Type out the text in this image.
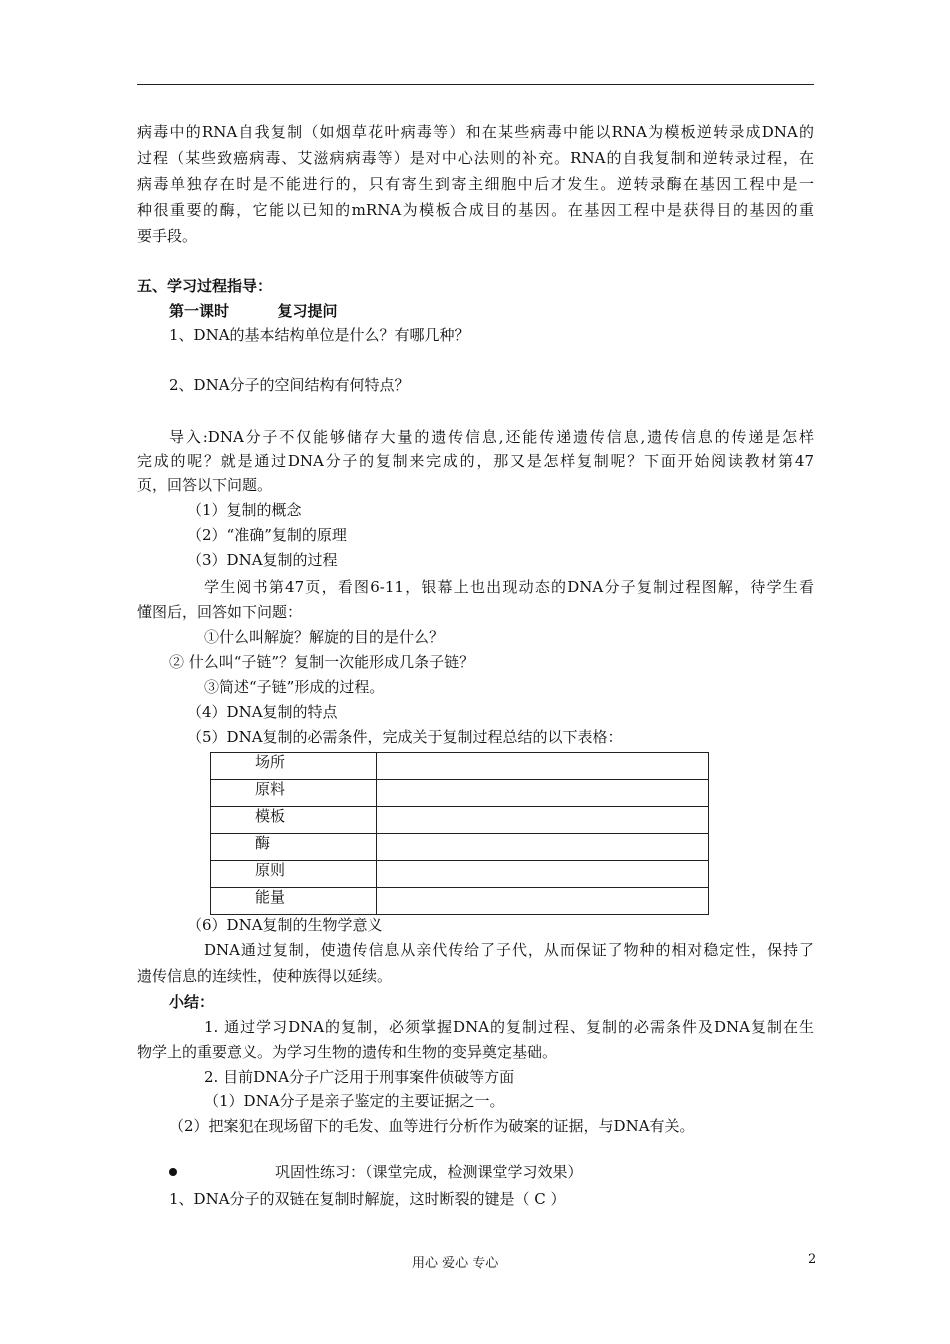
病毒中的RNA自我复制（如烟草花叶病毒等）和在某些病毒中能以RNA为模板逆转录成DNA的
过程（某些致癌病毒、艾滋病病毒等）是对中心法则的补充。RNA的自我复制和逆转录过程，在
病毒单独存在时是不能进行的，只有寄生到寄主细胞中后才发生。逆转录酶在基因工程中是一
种很重要的酶，它能以已知的mRNA为模板合成目的基因。在基因工程中是获得目的基因的重
要手段。
五、学习过程指导：
第一课时	复习提问
1、DNA的基本结构单位是什么？有哪几种？
2、DNA分子的空间结构有何特点？
导入:DNA分子不仅能够储存大量的遗传信息,还能传递遗传信息,遗传信息的传递是怎样
完成的呢？就是通过DNA分子的复制来完成的，那又是怎样复制呢？下面开始阅读教材第47
页，回答以下问题。
（1）复制的概念
（2）“准确”复制的原理
（3）DNA复制的过程
学生阅书第47页，看图6-11，银幕上也出现动态的DNA分子复制过程图解，待学生看
懂图后，回答如下问题：
①什么叫解旋？解旋的目的是什么？
② 什么叫“子链”？复制一次能形成几条子链？
③简述“子链”形成的过程。
（4）DNA复制的特点
（5）DNA复制的必需条件，完成关于复制过程总结的以下表格：
场所	
原料	
模板	
酶	
原则	
能量	
（6）DNA复制的生物学意义
DNA通过复制，使遗传信息从亲代传给了子代，从而保证了物种的相对稳定性，保持了
遗传信息的连续性，使种族得以延续。
小结：
1. 通过学习DNA的复制，必须掌握DNA的复制过程、复制的必需条件及DNA复制在生
物学上的重要意义。为学习生物的遗传和生物的变异奠定基础。
2. 目前DNA分子广泛用于刑事案件侦破等方面
（1）DNA分子是亲子鉴定的主要证据之一。
（2）把案犯在现场留下的毛发、血等进行分析作为破案的证据，与DNA有关。
巩固性练习：（课堂完成，检测课堂学习效果）
1、DNA分子的双链在复制时解旋，这时断裂的键是（ C ）
用心 爱心 专心	2
